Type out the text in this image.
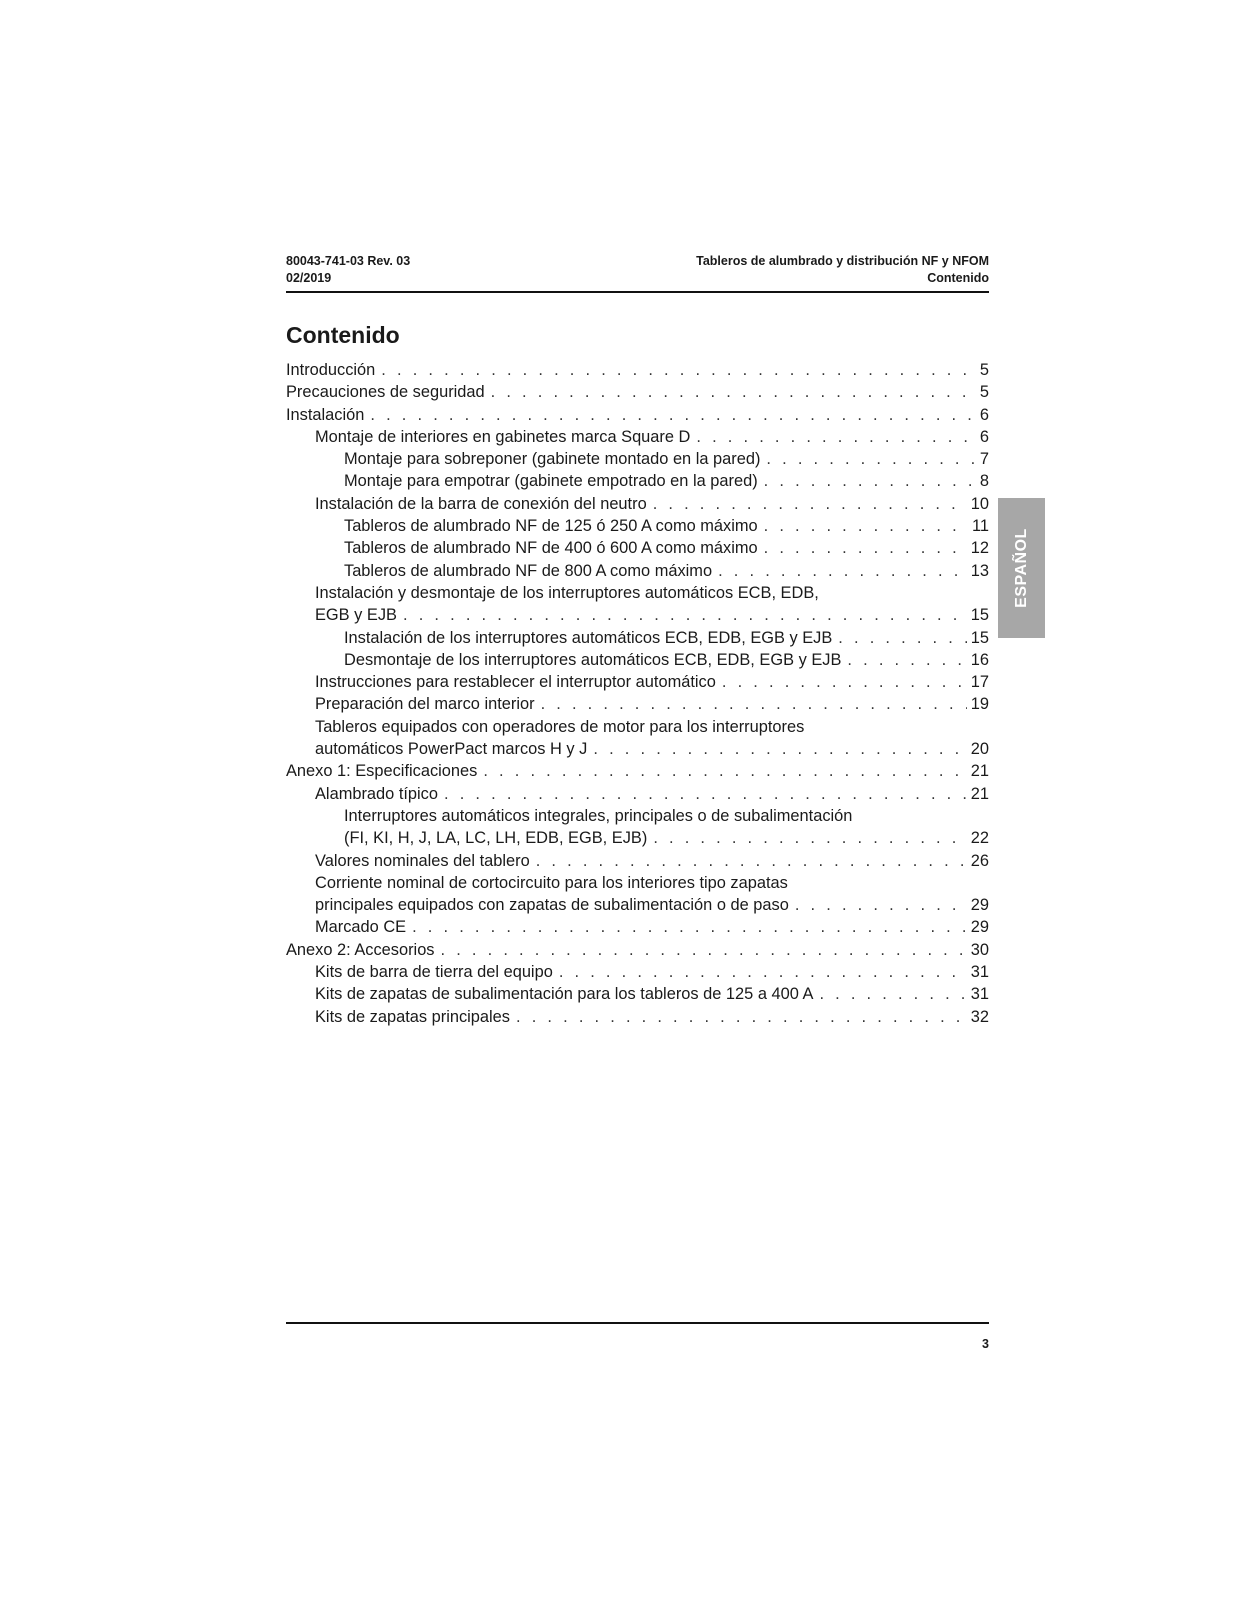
80043-741-03 Rev. 03
02/2019
Tableros de alumbrado y distribución NF y NFOM
Contenido
Contenido
Introducción . . .	5
Precauciones de seguridad . . .	5
Instalación . . .	6
Montaje de interiores en gabinetes marca Square D . . .	6
Montaje para sobreponer (gabinete montado en la pared) . . .	7
Montaje para empotrar (gabinete empotrado en la pared) . . .	8
Instalación de la barra de conexión del neutro . . .	10
Tableros de alumbrado NF de 125 ó 250 A como máximo . . .	11
Tableros de alumbrado NF de 400 ó 600 A como máximo . . .	12
Tableros de alumbrado NF de 800 A como máximo . . .	13
Instalación y desmontaje de los interruptores automáticos ECB, EDB,
EGB y EJB . . .	15
Instalación de los interruptores automáticos ECB, EDB, EGB y EJB . . .	15
Desmontaje de los interruptores automáticos ECB, EDB, EGB y EJB . . .	16
Instrucciones para restablecer el interruptor automático . . .	17
Preparación del marco interior . . .	19
Tableros equipados con operadores de motor para los interruptores
automáticos PowerPact marcos H y J . . .	20
Anexo 1: Especificaciones . . .	21
Alambrado típico . . .	21
Interruptores automáticos integrales, principales o de subalimentación
(FI, KI, H, J, LA, LC, LH, EDB, EGB, EJB) . . .	22
Valores nominales del tablero . . .	26
Corriente nominal de cortocircuito para los interiores tipo zapatas
principales equipados con zapatas de subalimentación o de paso . . .	29
Marcado CE . . .	29
Anexo 2: Accesorios . . .	30
Kits de barra de tierra del equipo . . .	31
Kits de zapatas de subalimentación para los tableros de 125 a 400 A . . .	31
Kits de zapatas principales . . .	32
ESPAÑOL
3
